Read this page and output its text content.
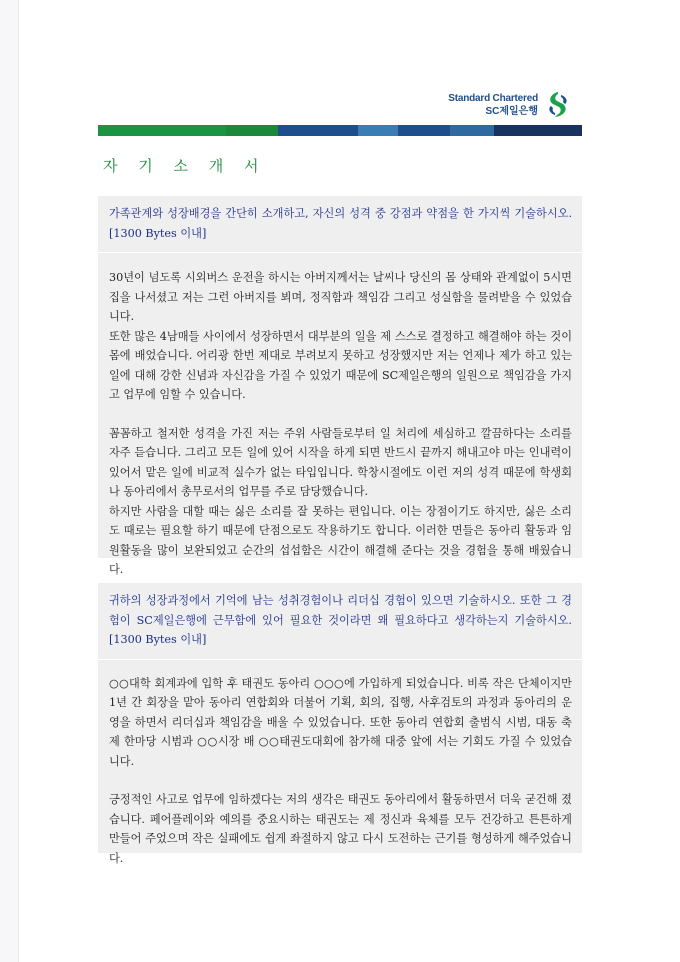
Standard Chartered
SC제일은행
자 기 소 개 서

가족관계와 성장배경을 간단히 소개하고, 자신의 성격 중 강점과 약점을 한 가지씩 기술하시오. [1300 Bytes 이내]

30년이 넘도록 시외버스 운전을 하시는 아버지께서는 날씨나 당신의 몸 상태와 관계없이 5시면 집을 나서셨고 저는 그런 아버지를 뵈며, 정직함과 책임감 그리고 성실함을 물려받을 수 있었습니다.

또한 많은 4남매들 사이에서 성장하면서 대부분의 일을 제 스스로 결정하고 해결해야 하는 것이 몸에 배었습니다. 어리광 한번 제대로 부려보지 못하고 성장했지만 저는 언제나 제가 하고 있는 일에 대해 강한 신념과 자신감을 가질 수 있었기 때문에 SC제일은행의 일원으로 책임감을 가지고 업무에 임할 수 있습니다.

꼼꼼하고 철저한 성격을 가진 저는 주위 사람들로부터 일 처리에 세심하고 깔끔하다는 소리를 자주 듣습니다. 그리고 모든 일에 있어 시작을 하게 되면 반드시 끝까지 해내고야 마는 인내력이 있어서 맡은 일에 비교적 실수가 없는 타입입니다. 학창시절에도 이런 저의 성격 때문에 학생회나 동아리에서 총무로서의 업무를 주로 담당했습니다.

하지만 사람을 대할 때는 싫은 소리를 잘 못하는 편입니다. 이는 장점이기도 하지만, 싫은 소리도 때로는 필요할 하기 때문에 단점으로도 작용하기도 합니다. 이러한 면들은 동아리 활동과 임원활동을 많이 보완되었고 순간의 섭섭함은 시간이 해결해 준다는 것을 경험을 통해 배웠습니다.

귀하의 성장과정에서 기억에 남는 성취경험이나 리더십 경험이 있으면 기술하시오. 또한 그 경험이 SC제일은행에 근무함에 있어 필요한 것이라면 왜 필요하다고 생각하는지 기술하시오. [1300 Bytes 이내]

○○대학 회계과에 입학 후 태권도 동아리 ○○○에 가입하게 되었습니다. 비록 작은 단체이지만 1년 간 회장을 맡아 동아리 연합회와 더불어 기획, 회의, 집행, 사후검토의 과정과 동아리의 운영을 하면서 리더십과 책임감을 배울 수 있었습니다. 또한 동아리 연합회 출범식 시범, 대동 축제 한마당 시범과 ○○시장 배 ○○태권도대회에 참가해 대중 앞에 서는 기회도 가질 수 있었습니다.

긍정적인 사고로 업무에 임하겠다는 저의 생각은 태권도 동아리에서 활동하면서 더욱 굳건해 졌습니다. 페어플레이와 예의를 중요시하는 태권도는 제 정신과 육체를 모두 건강하고 튼튼하게 만들어 주었으며 작은 실패에도 쉽게 좌절하지 않고 다시 도전하는 근기를 형성하게 해주었습니다.
